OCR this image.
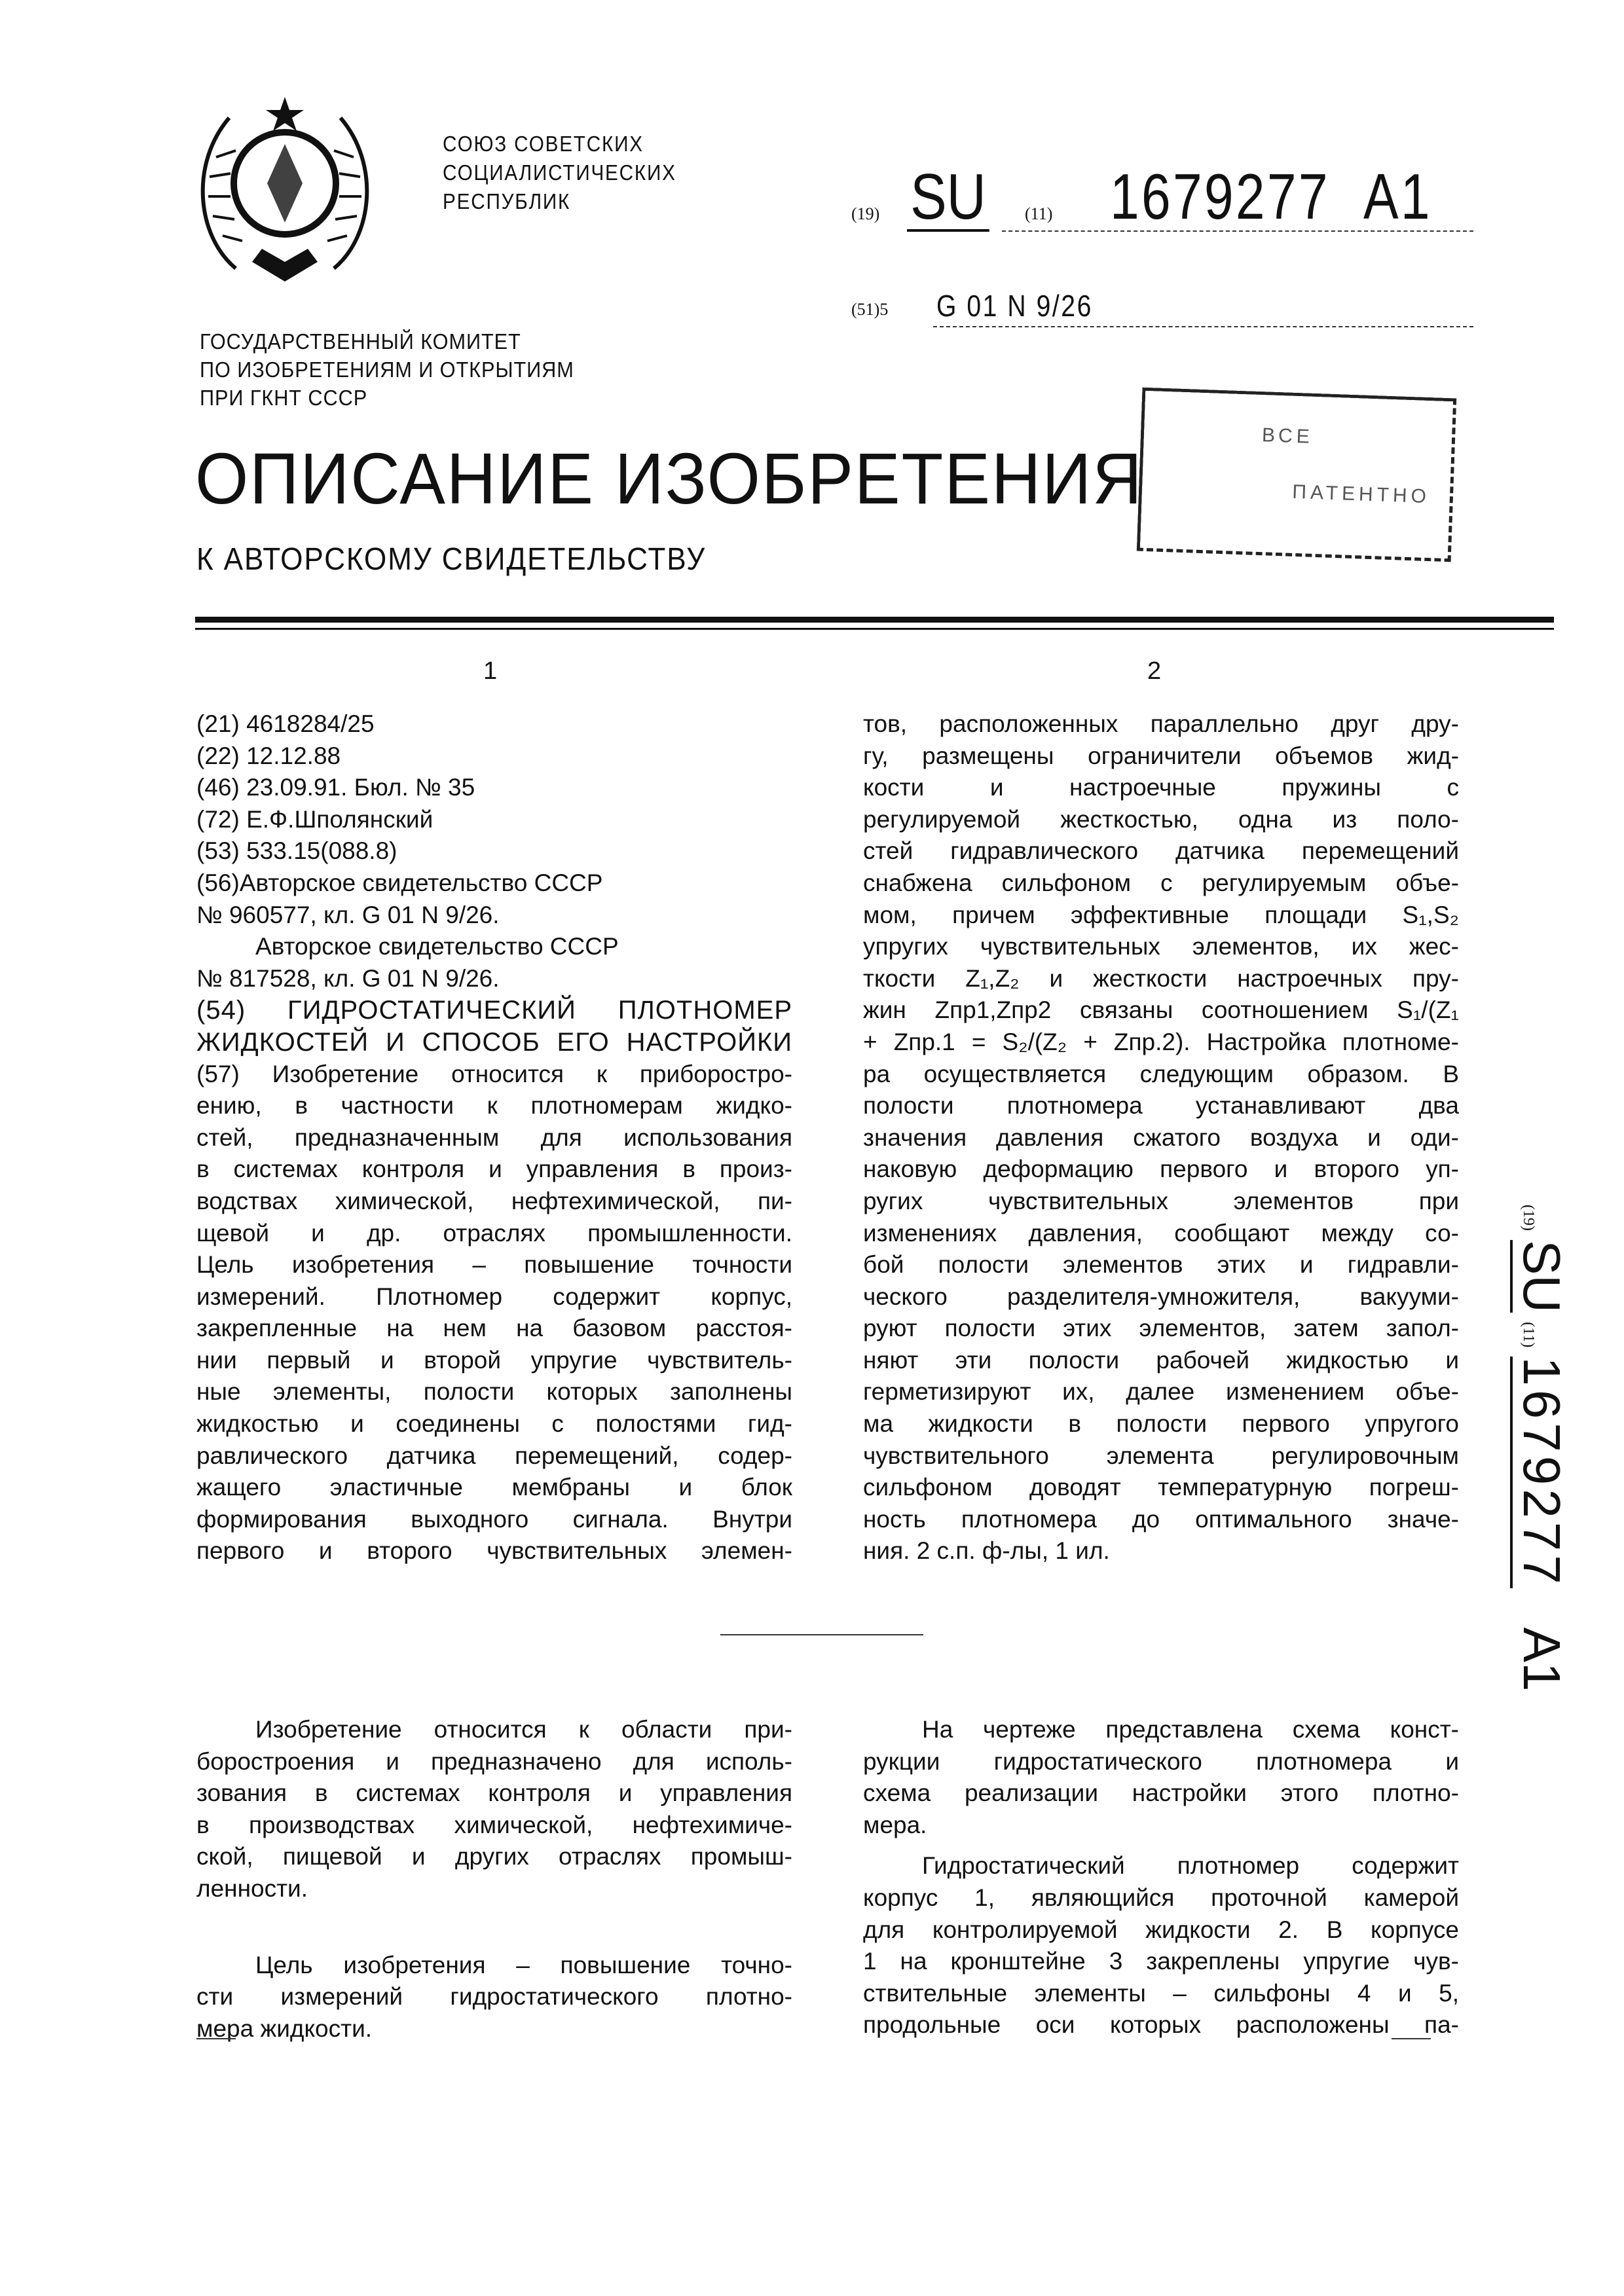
СОЮЗ СОВЕТСКИХ
СОЦИАЛИСТИЧЕСКИХ
РЕСПУБЛИК
(19) SU (11) 1679277 A1
(51)5 G 01 N 9/26
ГОСУДАРСТВЕННЫЙ КОМИТЕТ
ПО ИЗОБРЕТЕНИЯМ И ОТКРЫТИЯМ
ПРИ ГКНТ СССР
ВСЕ
ПАТЕНТНО
ОПИСАНИЕ ИЗОБРЕТЕНИЯ
К АВТОРСКОМУ СВИДЕТЕЛЬСТВУ
1	2
(21) 4618284/25
(22) 12.12.88
(46) 23.09.91. Бюл. № 35
(72) Е.Ф.Шполянский
(53) 533.15(088.8)
(56)Авторское свидетельство СССР
№ 960577, кл. G 01 N 9/26.
Авторское свидетельство СССР
№ 817528, кл. G 01 N 9/26.
(54) ГИДРОСТАТИЧЕСКИЙ ПЛОТНОМЕР
ЖИДКОСТЕЙ И СПОСОБ ЕГО НАСТРОЙКИ
(57) Изобретение относится к приборостро-
ению, в частности к плотномерам жидко-
стей, предназначенным для использования
в системах контроля и управления в произ-
водствах химической, нефтехимической, пи-
щевой и др. отраслях промышленности.
Цель изобретения – повышение точности
измерений. Плотномер содержит корпус,
закрепленные на нем на базовом расстоя-
нии первый и второй упругие чувствитель-
ные элементы, полости которых заполнены
жидкостью и соединены с полостями гид-
равлического датчика перемещений, содер-
жащего эластичные мембраны и блок
формирования выходного сигнала. Внутри
первого и второго чувствительных элемен-
тов, расположенных параллельно друг дру-
гу, размещены ограничители объемов жид-
кости и настроечные пружины с
регулируемой жесткостью, одна из поло-
стей гидравлического датчика перемещений
снабжена сильфоном с регулируемым объе-
мом, причем эффективные площади S₁,S₂
упругих чувствительных элементов, их жес-
ткости Z₁,Z₂ и жесткости настроечных пру-
жин Zпр1,Zпр2 связаны соотношением S₁/(Z₁
+ Zпр.1 = S₂/(Z₂ + Zпр.2). Настройка плотноме-
ра осуществляется следующим образом. В
полости плотномера устанавливают два
значения давления сжатого воздуха и оди-
наковую деформацию первого и второго уп-
ругих чувствительных элементов при
изменениях давления, сообщают между со-
бой полости элементов этих и гидравли-
ческого разделителя-умножителя, вакууми-
руют полости этих элементов, затем запол-
няют эти полости рабочей жидкостью и
герметизируют их, далее изменением объе-
ма жидкости в полости первого упругого
чувствительного элемента регулировочным
сильфоном доводят температурную погреш-
ность плотномера до оптимального значе-
ния. 2 с.п. ф-лы, 1 ил.
Изобретение относится к области при-
боростроения и предназначено для исполь-
зования в системах контроля и управления
в производствах химической, нефтехимиче-
ской, пищевой и других отраслях промыш-
ленности.
Цель изобретения – повышение точно-
сти измерений гидростатического плотно-
мера жидкости.
На чертеже представлена схема конст-
рукции гидростатического плотномера и
схема реализации настройки этого плотно-
мера.
Гидростатический плотномер содержит
корпус 1, являющийся проточной камерой
для контролируемой жидкости 2. В корпусе
1 на кронштейне 3 закреплены упругие чув-
ствительные элементы – сильфоны 4 и 5,
продольные оси которых расположены па-
(19)SU(11)1679277A1
